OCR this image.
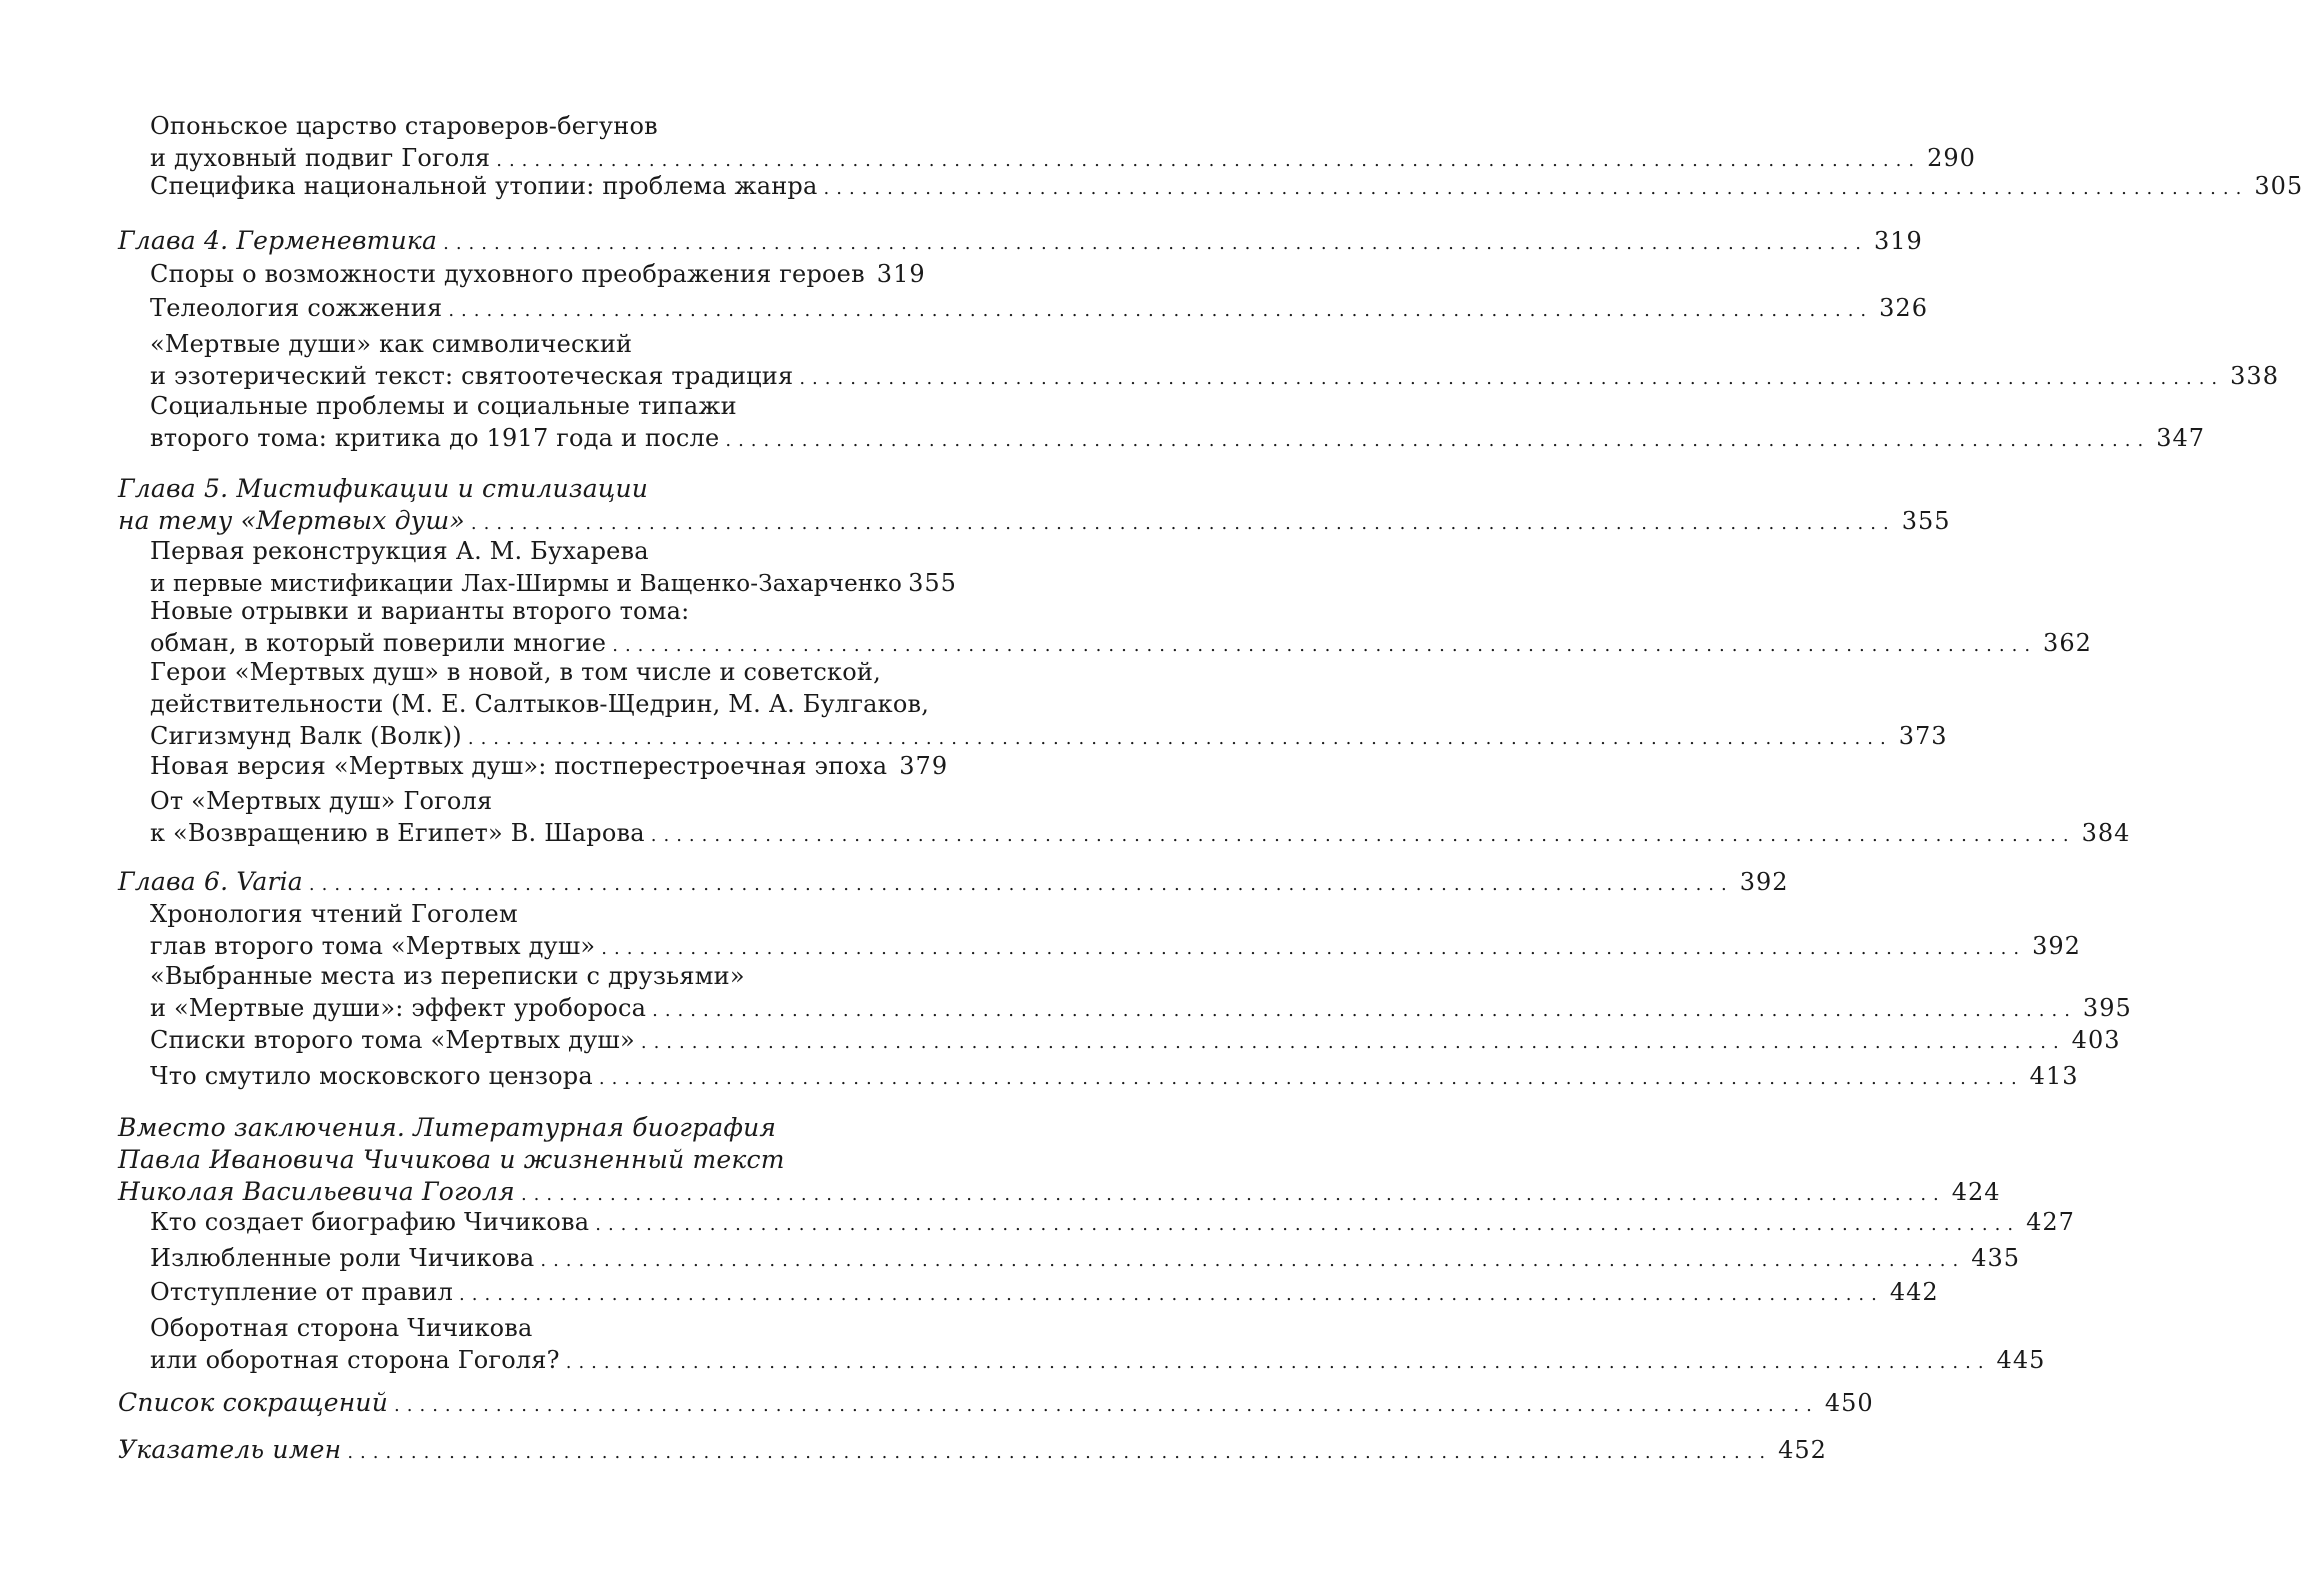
Опоньское царство староверов-бегунов
и духовный подвиг Гоголя ................................................................................................................ 290
Специфика национальной утопии: проблема жанра ................................................................................................................ 305
Глава 4. Герменевтика ................................................................................................................ 319
Споры о возможности духовного преображения героев 319
Телеология сожжения ................................................................................................................ 326
«Мертвые души» как символический
и эзотерический текст: святоотеческая традиция ................................................................................................................ 338
Социальные проблемы и социальные типажи
второго тома: критика до 1917 года и после ................................................................................................................ 347
Глава 5. Мистификации и стилизации
на тему «Мертвых душ» ................................................................................................................ 355
Первая реконструкция А. М. Бухарева
и первые мистификации Лах-Ширмы и Ващенко-Захарченко 355
Новые отрывки и варианты второго тома:
обман, в который поверили многие ................................................................................................................ 362
Герои «Мертвых душ» в новой, в том числе и советской,
действительности (М. Е. Салтыков-Щедрин, М. А. Булгаков,
Сигизмунд Валк (Волк)) ................................................................................................................ 373
Новая версия «Мертвых душ»: постперестроечная эпоха 379
От «Мертвых душ» Гоголя
к «Возвращению в Египет» В. Шарова ................................................................................................................ 384
Глава 6. Varia ................................................................................................................ 392
Хронология чтений Гоголем
глав второго тома «Мертвых душ» ................................................................................................................ 392
«Выбранные места из переписки с друзьями»
и «Мертвые души»: эффект уробороса ................................................................................................................ 395
Списки второго тома «Мертвых душ» ................................................................................................................ 403
Что смутило московского цензора ................................................................................................................ 413
Вместо заключения. Литературная биография
Павла Ивановича Чичикова и жизненный текст
Николая Васильевича Гоголя ................................................................................................................ 424
Кто создает биографию Чичикова ................................................................................................................ 427
Излюбленные роли Чичикова ................................................................................................................ 435
Отступление от правил ................................................................................................................ 442
Оборотная сторона Чичикова
или оборотная сторона Гоголя? ................................................................................................................ 445
Список сокращений ................................................................................................................ 450
Указатель имен ................................................................................................................ 452
